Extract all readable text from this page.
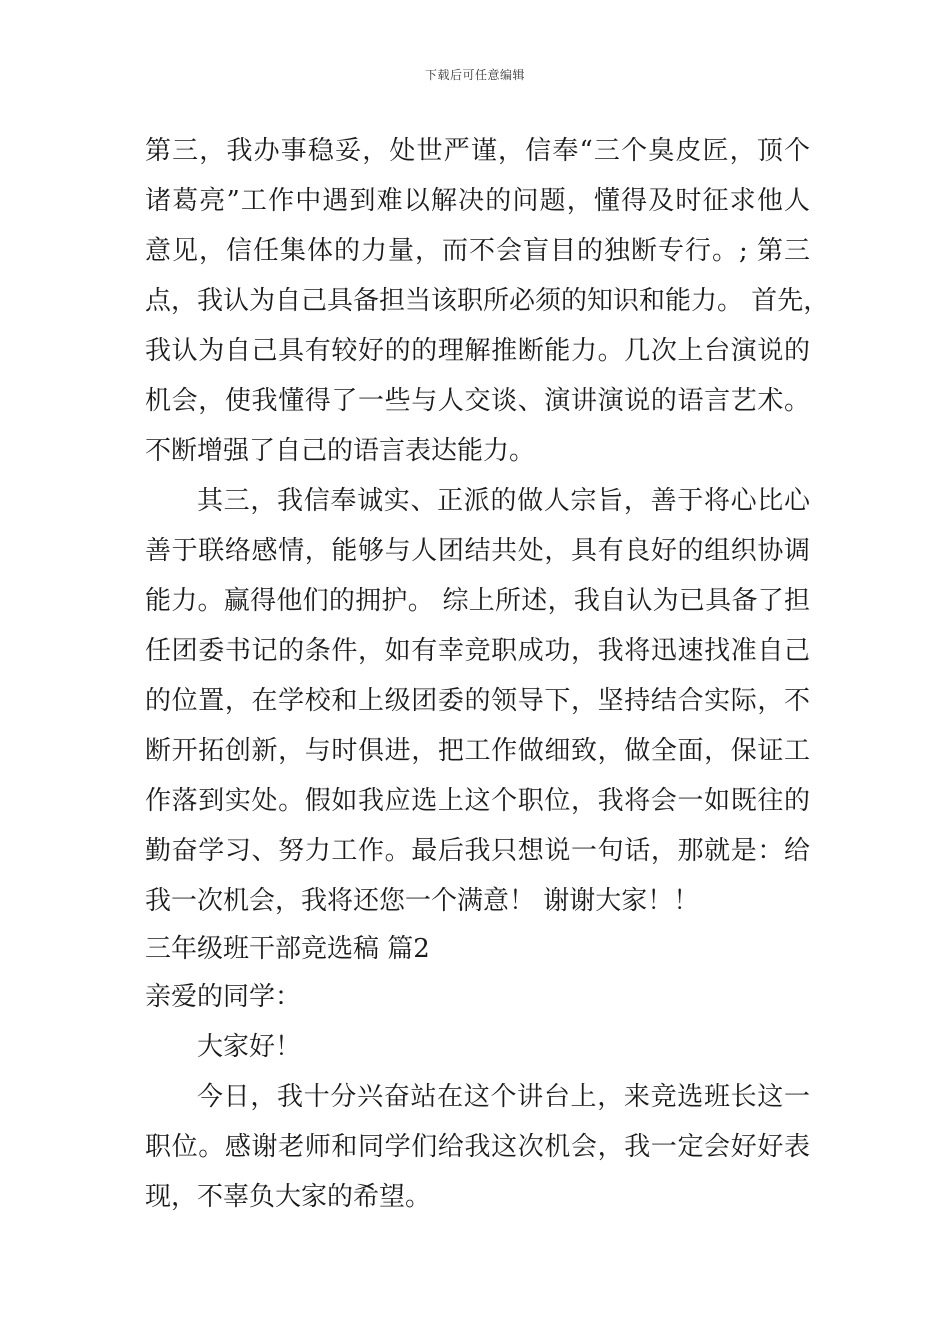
下载后可任意编辑
第三，我办事稳妥，处世严谨，信奉“三个臭皮匠，顶个
诸葛亮”工作中遇到难以解决的问题，懂得及时征求他人
意见，信任集体的力量，而不会盲目的独断专行。; 第三
点，我认为自己具备担当该职所必须的知识和能力。 首先，
我认为自己具有较好的的理解推断能力。几次上台演说的
机会，使我懂得了一些与人交谈、演讲演说的语言艺术。
不断增强了自己的语言表达能力。
其三，我信奉诚实、正派的做人宗旨，善于将心比心
善于联络感情，能够与人团结共处，具有良好的组织协调
能力。赢得他们的拥护。 综上所述，我自认为已具备了担
任团委书记的条件，如有幸竞职成功，我将迅速找准自己
的位置，在学校和上级团委的领导下，坚持结合实际，不
断开拓创新，与时俱进，把工作做细致，做全面，保证工
作落到实处。假如我应选上这个职位，我将会一如既往的
勤奋学习、努力工作。最后我只想说一句话，那就是：给
我一次机会，我将还您一个满意！ 谢谢大家！！
三年级班干部竞选稿 篇2
亲爱的同学：
大家好！
今日，我十分兴奋站在这个讲台上，来竞选班长这一
职位。感谢老师和同学们给我这次机会，我一定会好好表
现，不辜负大家的希望。
